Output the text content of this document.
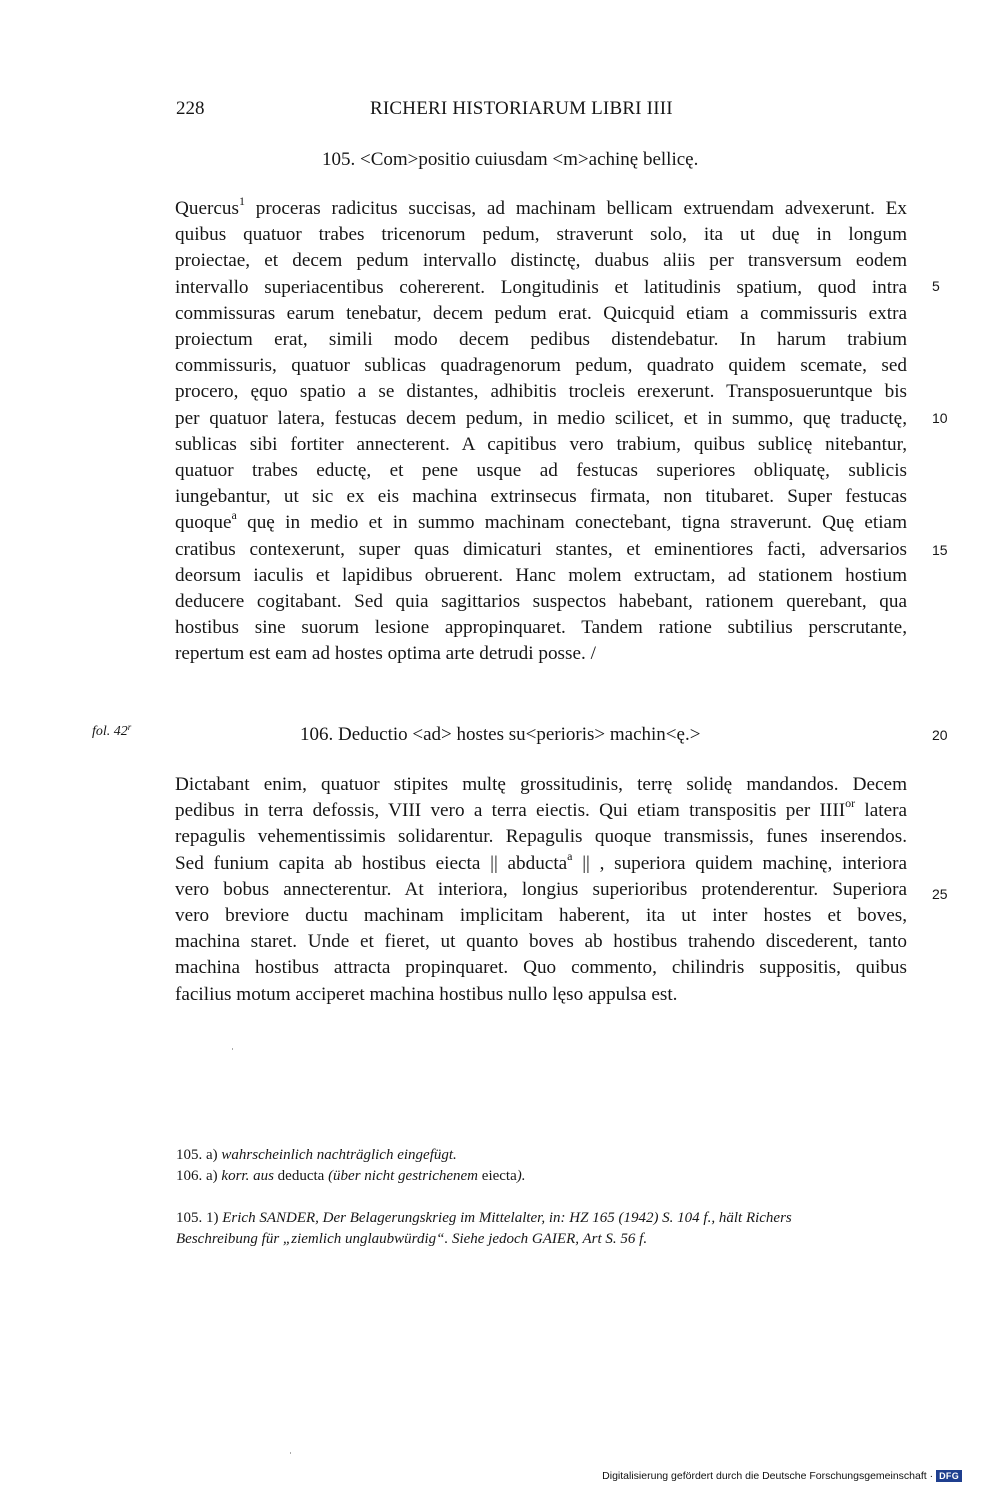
228	RICHERI HISTORIARUM LIBRI IIII
105. <Com>positio cuiusdam <m>achinę bellicę.
Quercus$^1$ proceras radicitus succisas, ad machinam bellicam extruendam advexerunt. Ex
quibus quatuor trabes tricenorum pedum, straverunt solo, ita ut duę in longum
proiectae, et decem pedum intervallo distinctę, duabus aliis per transversum eodem
intervallo superiacentibus cohererent. Longitudinis et latitudinis spatium, quod intra
commissuras earum tenebatur, decem pedum erat. Quicquid etiam a commissuris extra
proiectum erat, simili modo decem pedibus distendebatur. In harum trabium
commissuris, quatuor sublicas quadragenorum pedum, quadrato quidem scemate, sed
procero, ęquo spatio a se distantes, adhibitis trocleis erexerunt. Transposueruntque bis
per quatuor latera, festucas decem pedum, in medio scilicet, et in summo, quę traductę,
sublicas sibi fortiter annecterent. A capitibus vero trabium, quibus sublicę nitebantur,
quatuor trabes eductę, et pene usque ad festucas superiores obliquatę, sublicis
iungebantur, ut sic ex eis machina extrinsecus firmata, non titubaret. Super festucas
quoque$^a$ quę in medio et in summo machinam conectebant, tigna straverunt. Quę etiam
cratibus contexerunt, super quas dimicaturi stantes, et eminentiores facti, adversarios
deorsum iaculis et lapidibus obruerent. Hanc molem extructam, ad stationem hostium
deducere cogitabant. Sed quia sagittarios suspectos habebant, rationem querebant, qua
hostibus sine suorum lesione appropinquaret. Tandem ratione subtilius perscrutante,
repertum est eam ad hostes optima arte detrudi posse. /
fol. 42$^r$	106. Deductio <ad> hostes su<perioris> machin<ę.>
Dictabant enim, quatuor stipites multę grossitudinis, terrę solidę mandandos. Decem
pedibus in terra defossis, VIII vero a terra eiectis. Qui etiam transpositis per IIII$^{or}$ latera
repagulis vehementissimis solidarentur. Repagulis quoque transmissis, funes inserendos.
Sed funium capita ab hostibus eiecta || abducta$^a$ || , superiora quidem machinę, interiora
vero bobus annecterentur. At interiora, longius superioribus protenderentur. Superiora
vero breviore ductu machinam implicitam haberent, ita ut inter hostes et boves,
machina staret. Unde et fieret, ut quanto boves ab hostibus trahendo discederent, tanto
machina hostibus attracta propinquaret. Quo commento, chilindris suppositis, quibus
facilius motum acciperet machina hostibus nullo lęso appulsa est.
5
10
15
20
25
105. a) wahrscheinlich nachträglich eingefügt.
106. a) korr. aus deducta (über nicht gestrichenem eiecta).
105. 1) Erich SANDER, Der Belagerungskrieg im Mittelalter, in: HZ 165 (1942) S. 104 f., hält Richers
Beschreibung für „ziemlich unglaubwürdig“. Siehe jedoch GAIER, Art S. 56 f.
Digitalisierung gefördert durch die Deutsche Forschungsgemeinschaft · DFG
